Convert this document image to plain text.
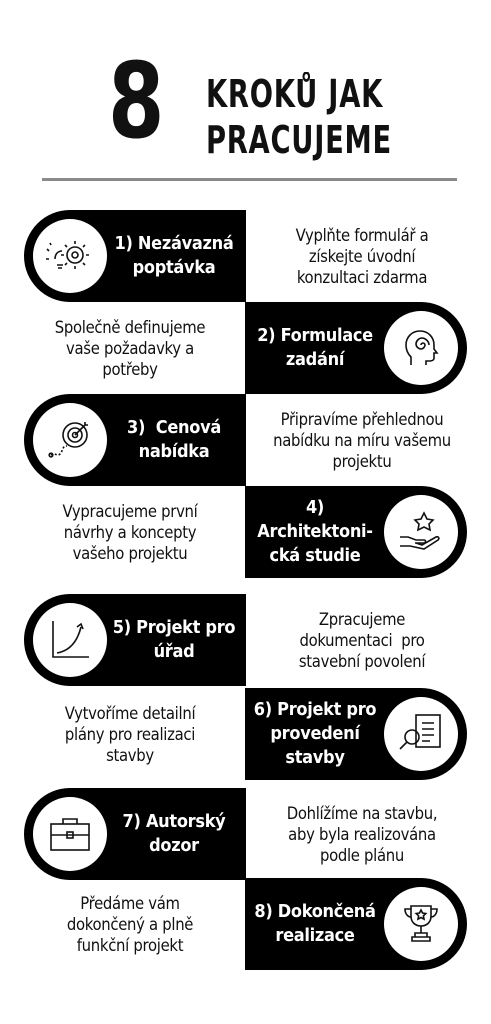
8 KROKŮ JAK
PRACUJEME
1) Nezávazná
poptávka
Vyplňte formulář a
získejte úvodní
konzultaci zdarma
Společně definujeme
vaše požadavky a
potřeby
2) Formulace
zadání
3)  Cenová
nabídka
Připravíme přehlednou
nabídku na míru vašemu
projektu
Vypracujeme první
návrhy a koncepty
vašeho projektu
4) Architektoni-
cká studie
5) Projekt pro
úřad
Zpracujeme
dokumentaci  pro
stavební povolení
Vytvoříme detailní
plány pro realizaci
stavby
6) Projekt pro
provedení
stavby
7) Autorský
dozor
Dohlížíme na stavbu,
aby byla realizována
podle plánu
Předáme vám
dokončený a plně
funkční projekt
8) Dokončená
realizace
